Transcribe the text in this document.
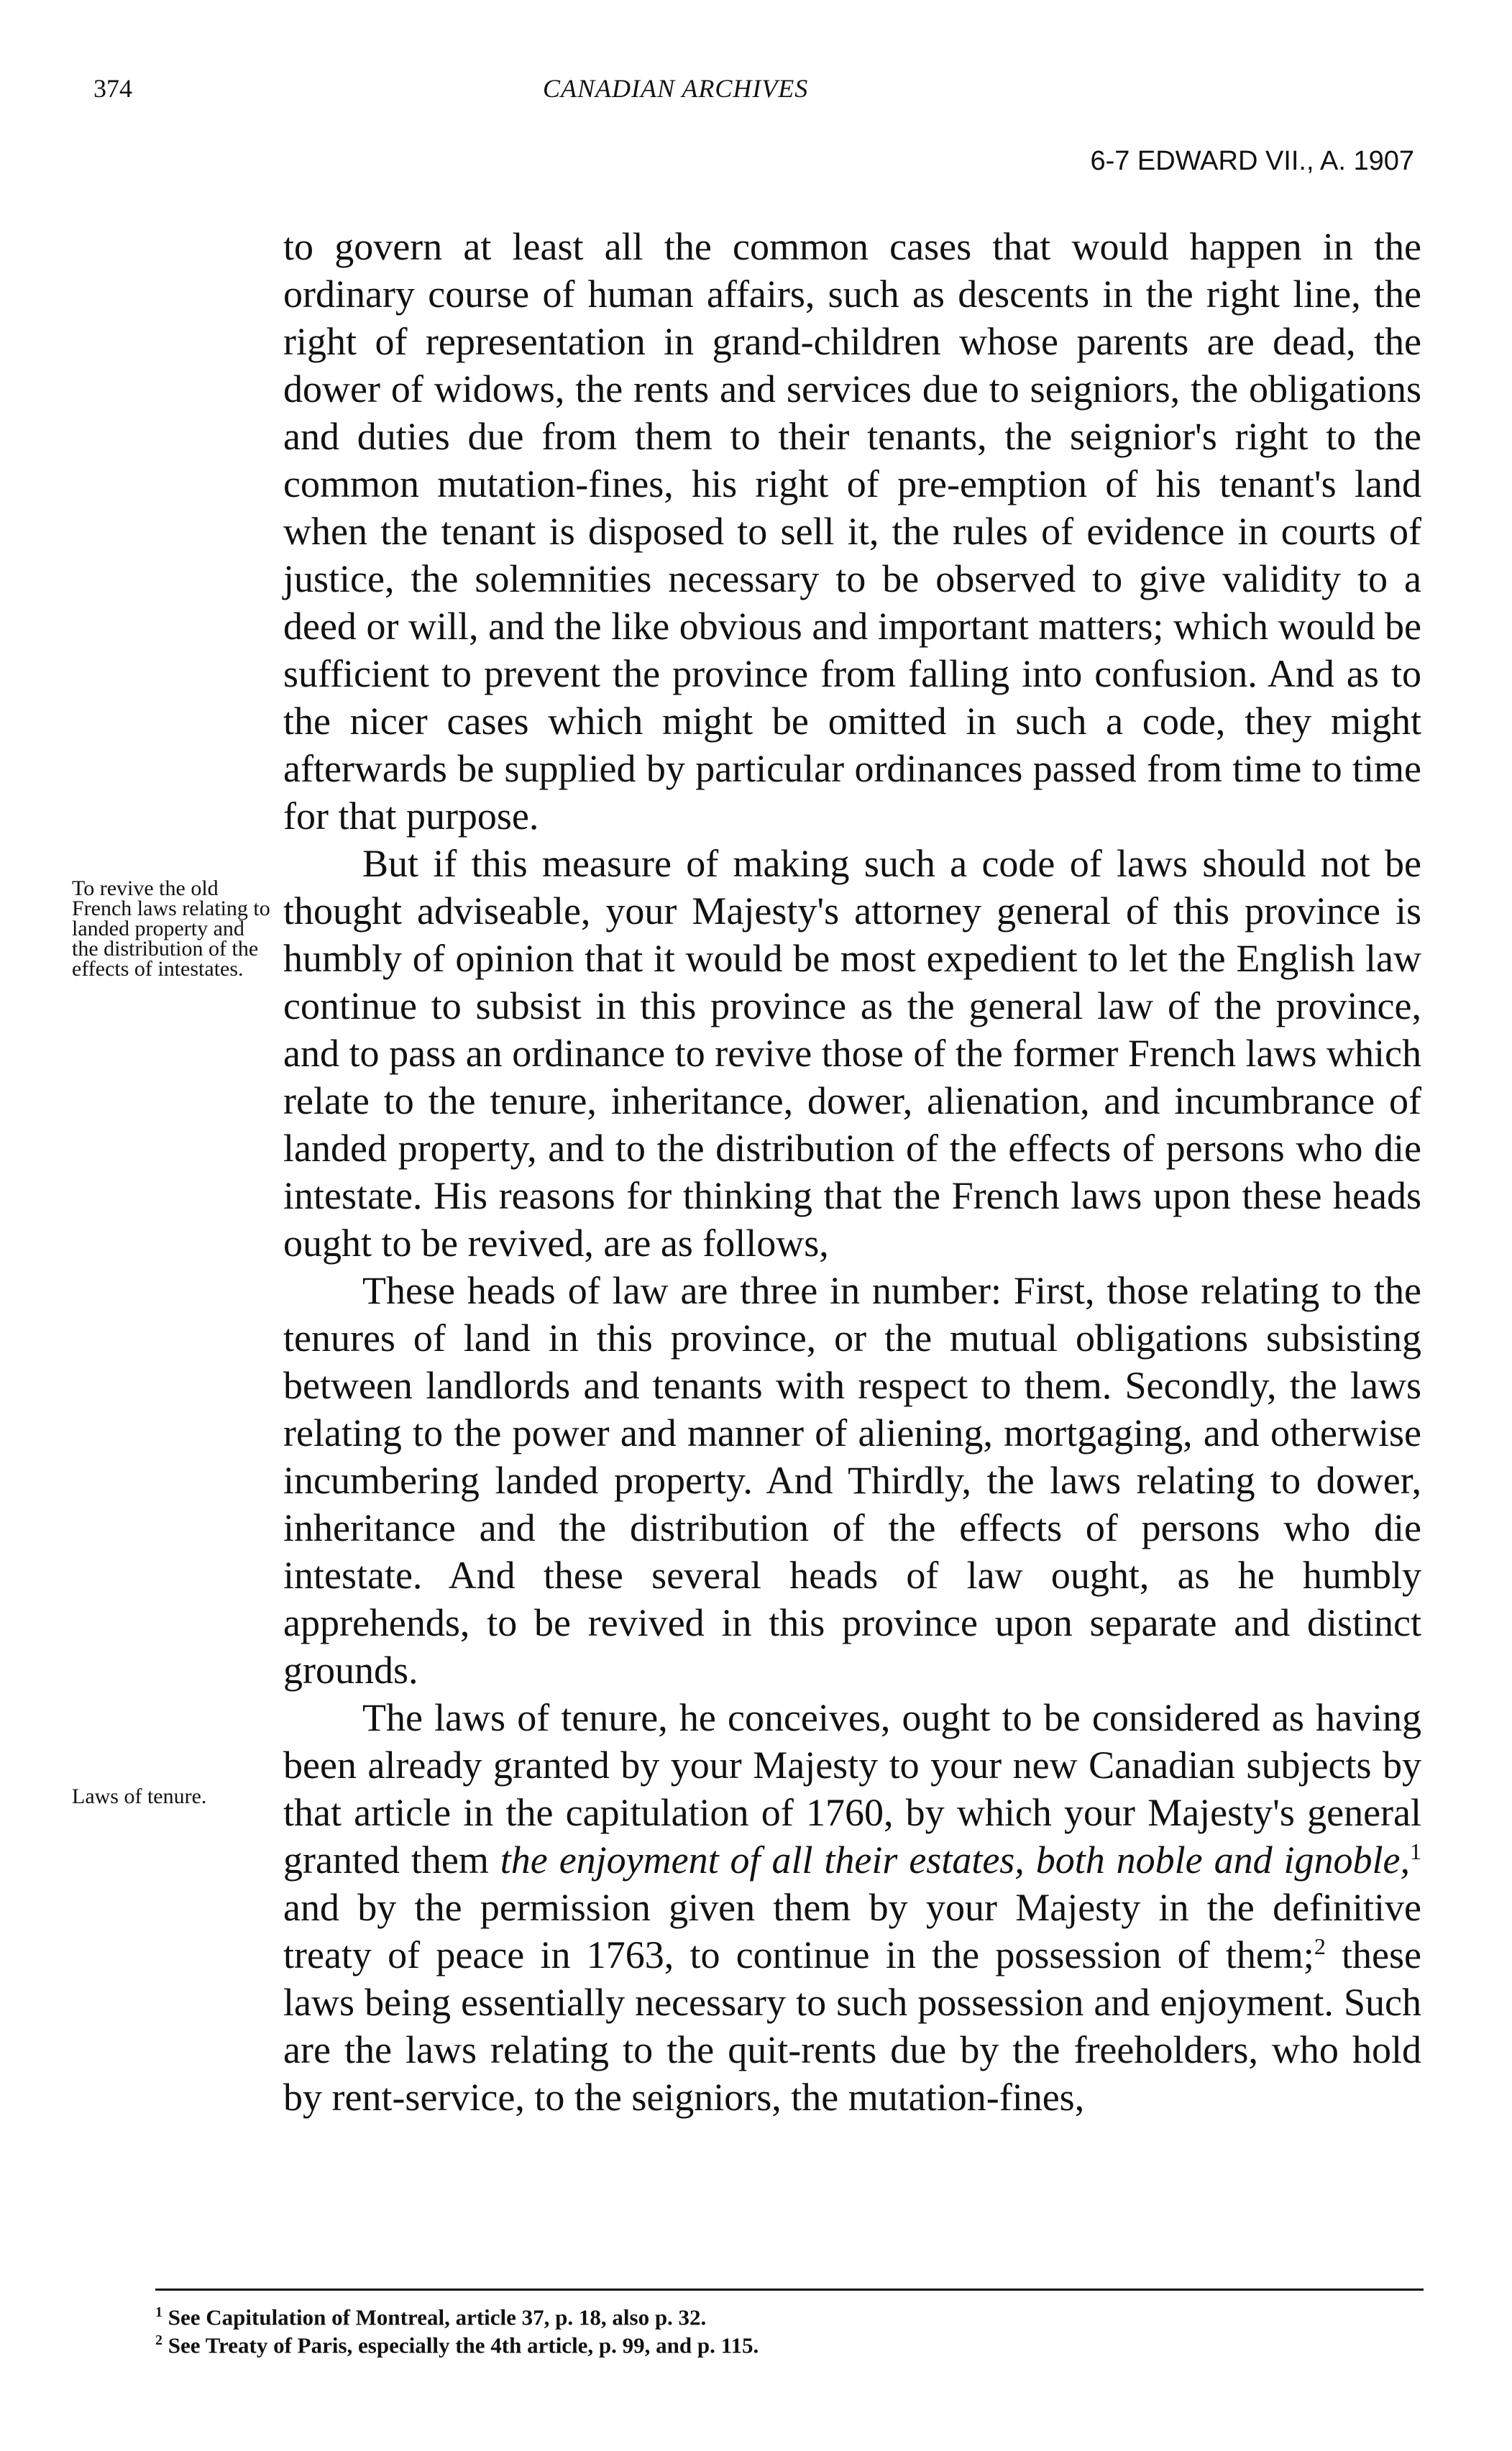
374	CANADIAN ARCHIVES
6-7 EDWARD VII., A. 1907
To revive the old French laws relating to landed property and the distribution of the effects of intestates.
Laws of tenure.

to govern at least all the common cases that would happen in the ordinary course of human affairs, such as descents in the right line, the right of representation in grand-children whose parents are dead, the dower of widows, the rents and services due to seigniors, the obligations and duties due from them to their tenants, the seignior's right to the common mutation-fines, his right of pre-emption of his tenant's land when the tenant is disposed to sell it, the rules of evidence in courts of justice, the solemnities necessary to be observed to give validity to a deed or will, and the like obvious and important matters; which would be sufficient to prevent the province from falling into confusion. And as to the nicer cases which might be omitted in such a code, they might afterwards be supplied by particular ordinances passed from time to time for that purpose.

But if this measure of making such a code of laws should not be thought adviseable, your Majesty's attorney general of this province is humbly of opinion that it would be most expedient to let the English law continue to subsist in this province as the general law of the province, and to pass an ordinance to revive those of the former French laws which relate to the tenure, inheritance, dower, alienation, and incumbrance of landed property, and to the distribution of the effects of persons who die intestate. His reasons for thinking that the French laws upon these heads ought to be revived, are as follows,

These heads of law are three in number: First, those relating to the tenures of land in this province, or the mutual obligations subsisting between landlords and tenants with respect to them. Secondly, the laws relating to the power and manner of aliening, mortgaging, and otherwise incumbering landed property. And Thirdly, the laws relating to dower, inheritance and the distribution of the effects of persons who die intestate. And these several heads of law ought, as he humbly apprehends, to be revived in this province upon separate and distinct grounds.

The laws of tenure, he conceives, ought to be considered as having been already granted by your Majesty to your new Canadian subjects by that article in the capitulation of 1760, by which your Majesty's general granted them the enjoyment of all their estates, both noble and ignoble,$^1$ and by the permission given them by your Majesty in the definitive treaty of peace in 1763, to continue in the possession of them;$^2$ these laws being essentially necessary to such possession and enjoyment. Such are the laws relating to the quit-rents due by the freeholders, who hold by rent-service, to the seigniors, the mutation-fines,

$^1$ See Capitulation of Montreal, article 37, p. 18, also p. 32.
$^2$ See Treaty of Paris, especially the 4th article, p. 99, and p. 115.
